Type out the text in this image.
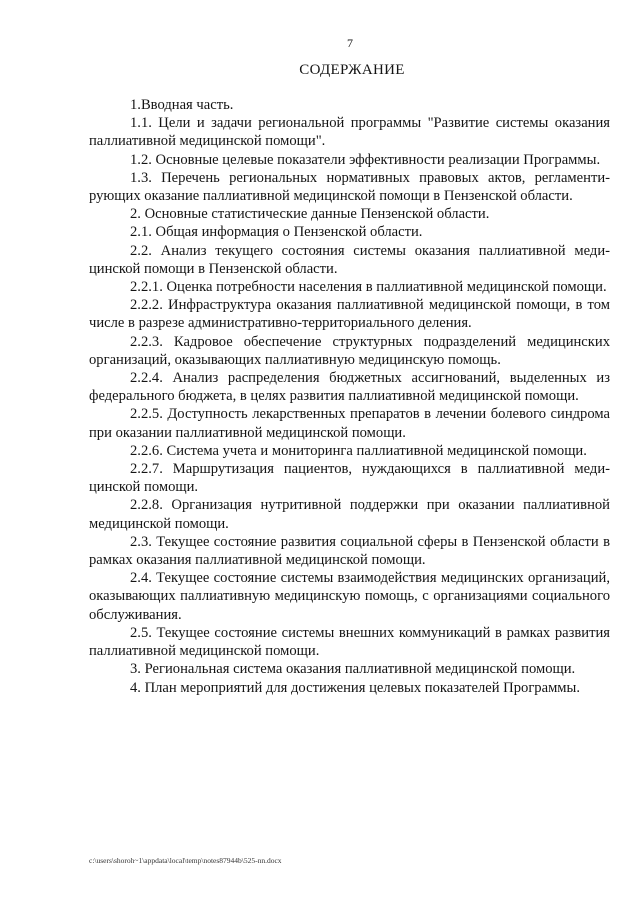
7
СОДЕРЖАНИЕ
1.Вводная часть.
1.1. Цели и задачи региональной программы "Развитие системы оказания паллиативной медицинской помощи".
1.2. Основные целевые показатели эффективности реализации Программы.
1.3. Перечень региональных нормативных правовых актов, регламенти-рующих оказание паллиативной медицинской помощи в Пензенской области.
2. Основные статистические данные Пензенской области.
2.1. Общая информация о Пензенской области.
2.2. Анализ текущего состояния системы оказания паллиативной меди-цинской помощи в Пензенской области.
2.2.1. Оценка потребности населения в паллиативной медицинской помощи.
2.2.2. Инфраструктура оказания паллиативной медицинской помощи, в том числе в разрезе административно-территориального деления.
2.2.3. Кадровое обеспечение структурных подразделений медицинских организаций, оказывающих паллиативную медицинскую помощь.
2.2.4. Анализ распределения бюджетных ассигнований, выделенных из федерального бюджета, в целях развития паллиативной медицинской помощи.
2.2.5. Доступность лекарственных препаратов в лечении болевого синдрома при оказании паллиативной медицинской помощи.
2.2.6. Система учета и мониторинга паллиативной медицинской помощи.
2.2.7. Маршрутизация пациентов, нуждающихся в паллиативной меди-цинской помощи.
2.2.8. Организация нутритивной поддержки при оказании паллиативной медицинской помощи.
2.3. Текущее состояние развития социальной сферы в Пензенской области в рамках оказания паллиативной медицинской помощи.
2.4. Текущее состояние системы взаимодействия медицинских организаций, оказывающих паллиативную медицинскую помощь, с организациями социального обслуживания.
2.5. Текущее состояние системы внешних коммуникаций в рамках развития паллиативной медицинской помощи.
3. Региональная система оказания паллиативной медицинской помощи.
4. План мероприятий для достижения целевых показателей Программы.
c:\users\shoroh~1\appdata\local\temp\notes87944b\525-nn.docx
